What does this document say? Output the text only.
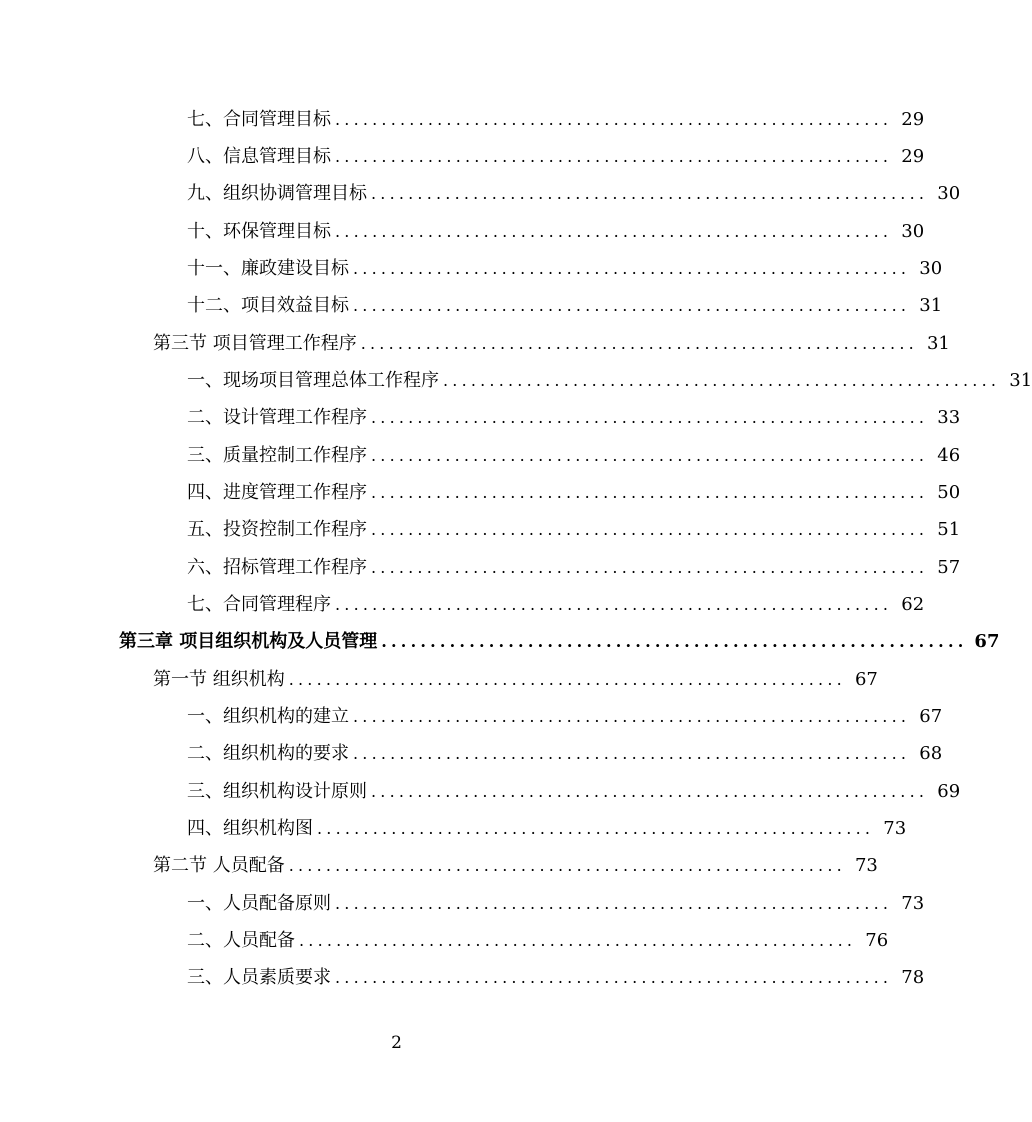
七、合同管理目标 ............................................................ 29
八、信息管理目标 ............................................................ 29
九、组织协调管理目标 ............................................................ 30
十、环保管理目标 ............................................................ 30
十一、廉政建设目标 ............................................................ 30
十二、项目效益目标 ............................................................ 31
第三节 项目管理工作程序 ............................................................ 31
一、现场项目管理总体工作程序 ............................................................ 31
二、设计管理工作程序 ............................................................ 33
三、质量控制工作程序 ............................................................ 46
四、进度管理工作程序 ............................................................ 50
五、投资控制工作程序 ............................................................ 51
六、招标管理工作程序 ............................................................ 57
七、合同管理程序 ............................................................ 62
第三章 项目组织机构及人员管理 ............................................................ 67
第一节 组织机构 ............................................................ 67
一、组织机构的建立 ............................................................ 67
二、组织机构的要求 ............................................................ 68
三、组织机构设计原则 ............................................................ 69
四、组织机构图 ............................................................ 73
第二节 人员配备 ............................................................ 73
一、人员配备原则 ............................................................ 73
二、人员配备 ............................................................ 76
三、人员素质要求 ............................................................ 78
2
